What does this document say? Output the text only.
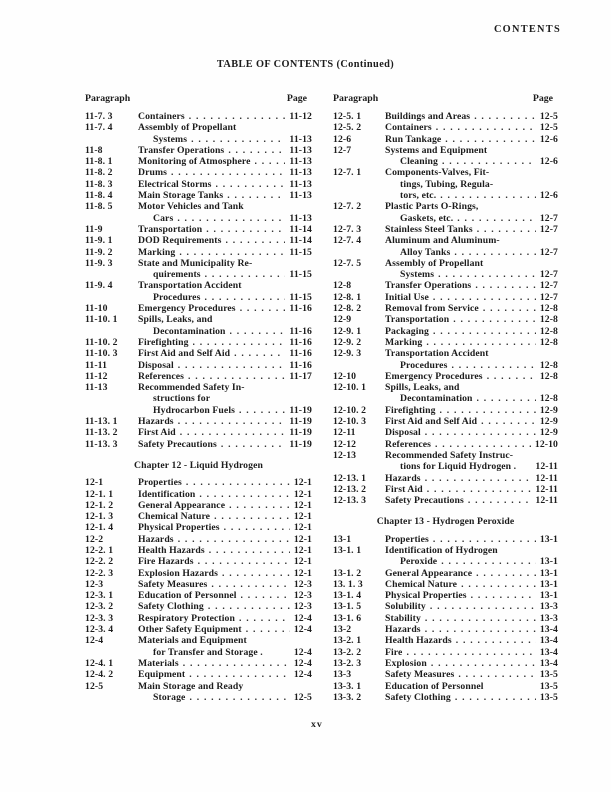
CONTENTS
TABLE OF CONTENTS (Continued)
Paragraph	Page	Paragraph	Page
11-7. 3	Containers . . .	11-12
11-7. 4	Assembly of Propellant
Systems . . .	11-13
11-8	Transfer Operations . . .	11-13
11-8. 1	Monitoring of Atmosphere . . .	11-13
11-8. 2	Drums . . .	11-13
11-8. 3	Electrical Storms . . .	11-13
11-8. 4	Main Storage Tanks . . .	11-13
11-8. 5	Motor Vehicles and Tank
Cars . . .	11-13
11-9	Transportation . . .	11-14
11-9. 1	DOD Requirements . . .	11-14
11-9. 2	Marking . . .	11-15
11-9. 3	State and Municipality Re-
quirements . . .	11-15
11-9. 4	Transportation Accident
Procedures . . .	11-15
11-10	Emergency Procedures . . .	11-16
11-10. 1	Spills, Leaks, and
Decontamination . . .	11-16
11-10. 2	Firefighting . . .	11-16
11-10. 3	First Aid and Self Aid . . .	11-16
11-11	Disposal . . .	11-16
11-12	References . . .	11-17
11-13	Recommended Safety In-
structions for
Hydrocarbon Fuels . . .	11-19
11-13. 1	Hazards . . .	11-19
11-13. 2	First Aid . . .	11-19
11-13. 3	Safety Precautions . . .	11-19
Chapter 12 - Liquid Hydrogen
12-1	Properties . . .	12-1
12-1. 1	Identification . . .	12-1
12-1. 2	General Appearance . . .	12-1
12-1. 3	Chemical Nature . . .	12-1
12-1. 4	Physical Properties . . .	12-1
12-2	Hazards . . .	12-1
12-2. 1	Health Hazards . . .	12-1
12-2. 2	Fire Hazards . . .	12-1
12-2. 3	Explosion Hazards . . .	12-1
12-3	Safety Measures . . .	12-3
12-3. 1	Education of Personnel . . .	12-3
12-3. 2	Safety Clothing . . .	12-3
12-3. 3	Respiratory Protection . . .	12-4
12-3. 4	Other Safety Equipment . . .	12-4
12-4	Materials and Equipment
for Transfer and Storage .	12-4
12-4. 1	Materials . . .	12-4
12-4. 2	Equipment . . .	12-4
12-5	Main Storage and Ready
Storage . . .	12-5
12-5. 1	Buildings and Areas . . .	12-5
12-5. 2	Containers . . .	12-5
12-6	Run Tankage . . .	12-6
12-7	Systems and Equipment
Cleaning . . .	12-6
12-7. 1	Components-Valves, Fit-
tings, Tubing, Regula-
tors, etc. . . .	12-6
12-7. 2	Plastic Parts O-Rings,
Gaskets, etc. . . .	12-7
12-7. 3	Stainless Steel Tanks . . .	12-7
12-7. 4	Aluminum and Aluminum-
Alloy Tanks . . .	12-7
12-7. 5	Assembly of Propellant
Systems . . .	12-7
12-8	Transfer Operations . . .	12-7
12-8. 1	Initial Use . . .	12-7
12-8. 2	Removal from Service . . .	12-8
12-9	Transportation . . .	12-8
12-9. 1	Packaging . . .	12-8
12-9. 2	Marking . . .	12-8
12-9. 3	Transportation Accident
Procedures . . .	12-8
12-10	Emergency Procedures . . .	12-8
12-10. 1	Spills, Leaks, and
Decontamination . . .	12-8
12-10. 2	Firefighting . . .	12-9
12-10. 3	First Aid and Self Aid . . .	12-9
12-11	Disposal . . .	12-9
12-12	References . . .	12-10
12-13	Recommended Safety Instruc-
tions for Liquid Hydrogen . 12-11
12-13. 1	Hazards . . .	12-11
12-13. 2	First Aid . . .	12-11
12-13. 3	Safety Precautions . . .	12-11
Chapter 13 - Hydrogen Peroxide
13-1	Properties . . .	13-1
13-1. 1	Identification of Hydrogen
Peroxide . . .	13-1
13-1. 2	General Appearance . . .	13-1
13. 1. 3	Chemical Nature . . .	13-1
13-1. 4	Physical Properties . . .	13-1
13-1. 5	Solubility . . .	13-3
13-1. 6	Stability . . .	13-3
13-2	Hazards . . .	13-4
13-2. 1	Health Hazards . . .	13-4
13-2. 2	Fire . . .	13-4
13-2. 3	Explosion . . .	13-4
13-3	Safety Measures . . .	13-5
13-3. 1	Education of Personnel	13-5
13-3. 2	Safety Clothing . . .	13-5
xv
